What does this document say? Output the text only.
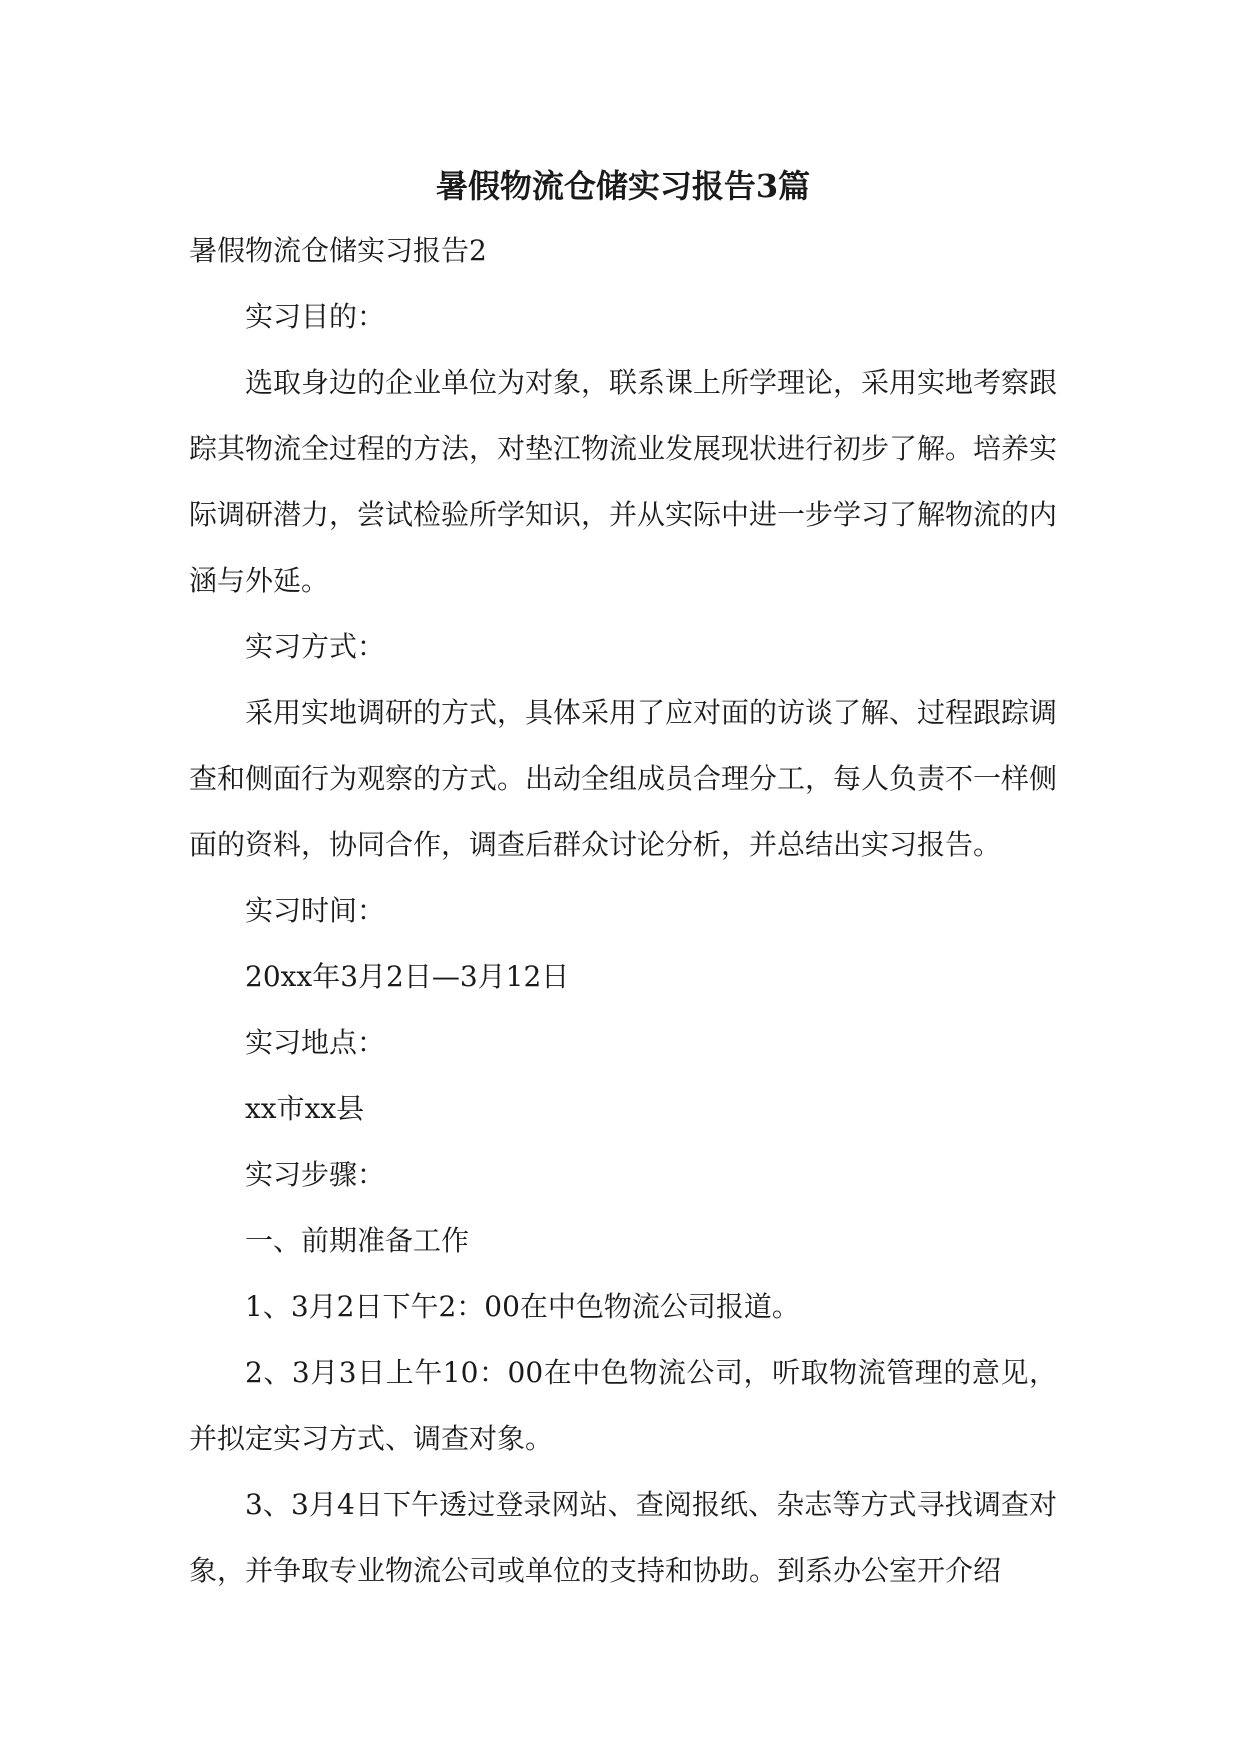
暑假物流仓储实习报告3篇

暑假物流仓储实习报告2

实习目的：

选取身边的企业单位为对象，联系课上所学理论，采用实地考察跟踪其物流全过程的方法，对垫江物流业发展现状进行初步了解。培养实际调研潜力，尝试检验所学知识，并从实际中进一步学习了解物流的内涵与外延。

实习方式：

采用实地调研的方式，具体采用了应对面的访谈了解、过程跟踪调查和侧面行为观察的方式。出动全组成员合理分工，每人负责不一样侧面的资料，协同合作，调查后群众讨论分析，并总结出实习报告。

实习时间：

20xx年3月2日—3月12日

实习地点：

xx市xx县

实习步骤：

一、前期准备工作

1、3月2日下午2：00在中色物流公司报道。

2、3月3日上午10：00在中色物流公司，听取物流管理的意见，并拟定实习方式、调查对象。

3、3月4日下午透过登录网站、查阅报纸、杂志等方式寻找调查对象，并争取专业物流公司或单位的支持和协助。到系办公室开介绍
